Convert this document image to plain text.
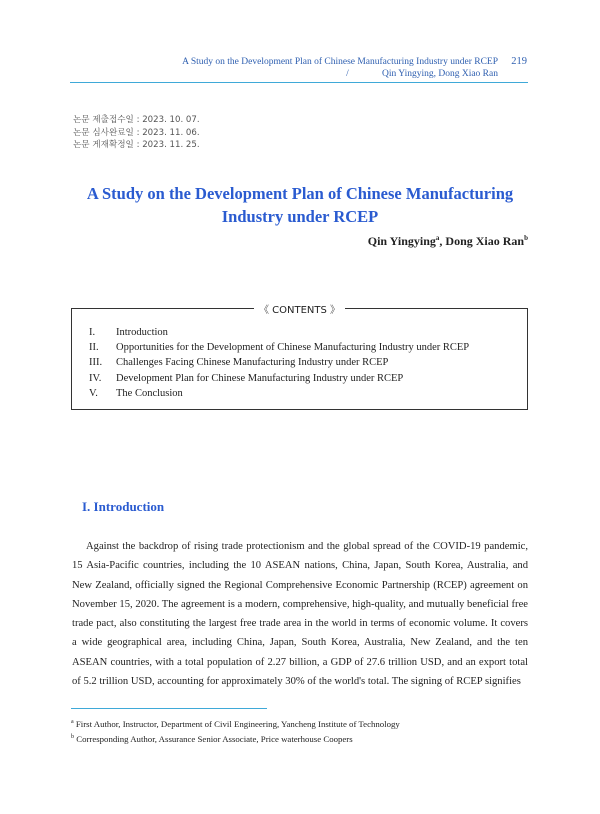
A Study on the Development Plan of Chinese Manufacturing Industry under RCEP
/              Qin Yingying, Dong Xiao Ran
219
논문 제출접수일 : 2023. 10. 07.
논문 심사완료일 : 2023. 11. 06.
논문 게재확정일 : 2023. 11. 25.
A Study on the Development Plan of Chinese Manufacturing
Industry under RCEP
Qin Yingying$^a$, Dong Xiao Ran$^b$
《 CONTENTS 》
I.	Introduction
II.	Opportunities for the Development of Chinese Manufacturing Industry under RCEP
III.	Challenges Facing Chinese Manufacturing Industry under RCEP
IV.	Development Plan for Chinese Manufacturing Industry under RCEP
V.	The Conclusion
I. Introduction

Against the backdrop of rising trade protectionism and the global spread of the COVID-19 pandemic, 15 Asia-Pacific countries, including the 10 ASEAN nations, China, Japan, South Korea, Australia, and New Zealand, officially signed the Regional Comprehensive Economic Partnership (RCEP) agreement on November 15, 2020. The agreement is a modern, comprehensive, high-quality, and mutually beneficial free trade pact, also constituting the largest free trade area in the world in terms of economic volume. It covers a wide geographical area, including China, Japan, South Korea, Australia, New Zealand, and the ten ASEAN countries, with a total population of 2.27 billion, a GDP of 27.6 trillion USD, and an export total of 5.2 trillion USD, accounting for approximately 30% of the world's total. The signing of RCEP signifies

$^a$ First Author, Instructor, Department of Civil Engineering, Yancheng Institute of Technology
$^b$ Corresponding Author, Assurance Senior Associate, Price waterhouse Coopers
